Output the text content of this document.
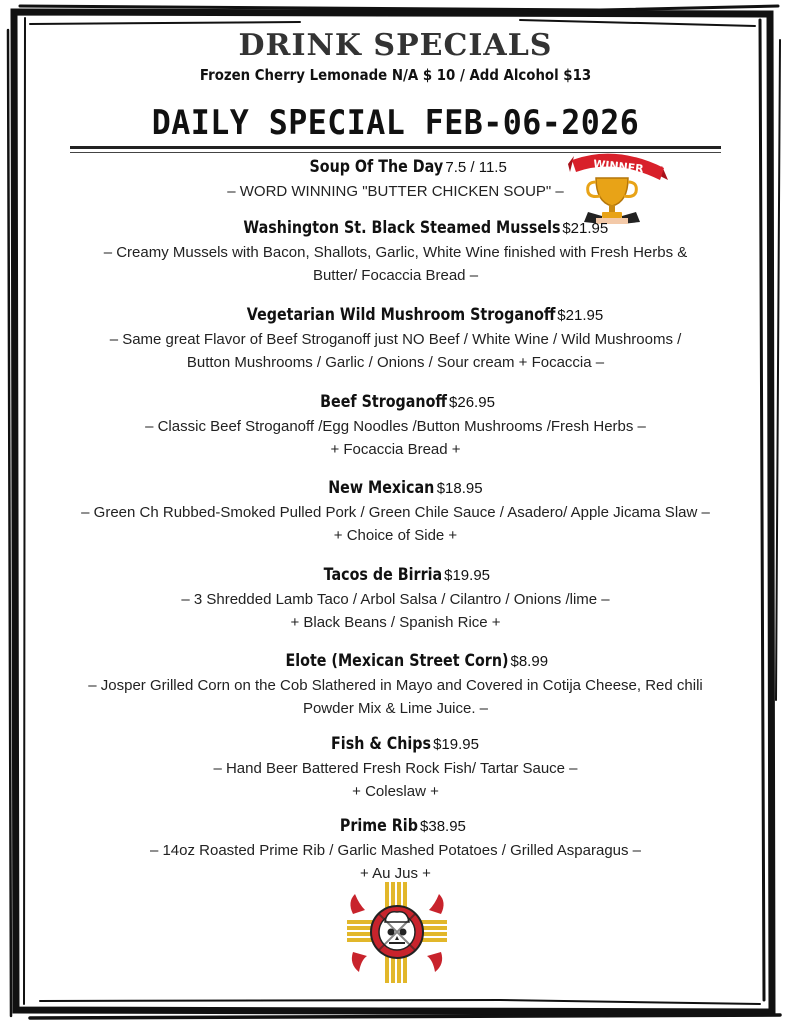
DRINK SPECIALS
Frozen Cherry Lemonade N/A $ 10 / Add Alcohol $13
DAILY SPECIAL FEB-06-2026
WINNER
Soup Of The Day 7.5 / 11.5
– WORD WINNING "BUTTER CHICKEN SOUP" –
Washington St. Black Steamed Mussels $21.95
– Creamy Mussels with Bacon, Shallots, Garlic, White Wine finished with Fresh Herbs &
Butter/ Focaccia Bread –
Vegetarian Wild Mushroom Stroganoff $21.95
– Same great Flavor of Beef Stroganoff just NO Beef / White Wine / Wild Mushrooms /
Button Mushrooms / Garlic / Onions / Sour cream + Focaccia –
Beef Stroganoff $26.95
– Classic Beef Stroganoff /Egg Noodles /Button Mushrooms /Fresh Herbs –
+ Focaccia Bread +
New Mexican $18.95
– Green Ch Rubbed-Smoked Pulled Pork / Green Chile Sauce / Asadero/ Apple Jicama Slaw –
+ Choice of Side +
Tacos de Birria $19.95
– 3 Shredded Lamb Taco / Arbol Salsa / Cilantro / Onions /lime –
+ Black Beans / Spanish Rice +
Elote (Mexican Street Corn) $8.99
– Josper Grilled Corn on the Cob Slathered in Mayo and Covered in Cotija Cheese, Red chili
Powder Mix & Lime Juice. –
Fish & Chips $19.95
– Hand Beer Battered Fresh Rock Fish/ Tartar Sauce –
+ Coleslaw +
Prime Rib $38.95
– 14oz Roasted Prime Rib / Garlic Mashed Potatoes / Grilled Asparagus –
+ Au Jus +
